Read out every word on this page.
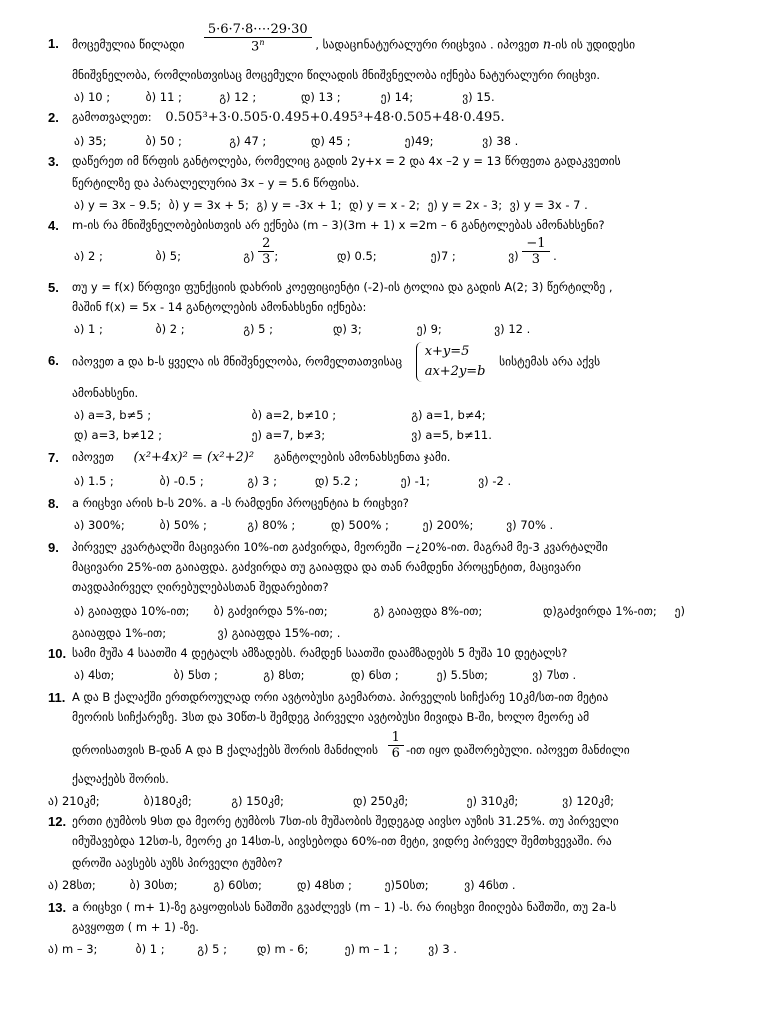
1. მოცემულია წილადი $\frac{5\cdot 6\cdot 7\cdot 8\cdot\cdots 29\cdot 30}{3^n}$ , სადაცnნატურალური რიცხვია . იპოვეთ n-ის ის უდიდესი
მნიშვნელობა, რომლისთვისაც მოცემული წილადის მნიშვნელობა იქნება ნატურალური რიცხვი.
ა) 10 ;	ბ) 11 ;	გ) 12 ;	დ) 13 ;	ე) 14;	ვ) 15.
2. გამოთვალეთ: 0.505³+3·0.505·0.495+0.495³+48·0.505+48·0.495.
ა) 35;	ბ) 50 ;	გ) 47 ;	დ) 45 ;	ე)49;	ვ) 38 .
3. დაწერეთ იმ წრფის განტოლება, რომელიც გადის 2y+x = 2 და 4x –2 y = 13 წრფეთა გადაკვეთის
წერტილზე და პარალელურია 3x – y = 5.6 წრფისა.
ა) y = 3x – 9.5; ბ) y = 3x + 5; გ) y = -3x + 1; დ) y = x - 2; ე) y = 2x - 3; ვ) y = 3x - 7 .
4. m-ის რა მნიშვნელობებისთვის არ ექნება (m – 3)(3m + 1) x =2m – 6 განტოლებას ამონახსენი?
ა) 2 ;	ბ) 5;	გ) $\frac{2}{3}$ ;	დ) 0.5;	ე)7 ;	ვ) $\frac{-1}{3}$ .
5. თუ y = f(x) წრფივი ფუნქციის დახრის კოეფიციენტი (-2)-ის ტოლია და გადის A(2; 3) წერტილზე ,
მაშინ f(x) = 5x - 14 განტოლების ამონახსენი იქნება:
ა) 1 ;	ბ) 2 ;	გ) 5 ;	დ) 3;	ე) 9;	ვ) 12 .
6. იპოვეთ a და b-ს ყველა ის მნიშვნელობა, რომელთათვისაც
x+y=5
ax+2y=b
სისტემას არა აქვს
ამონახსენი.
ა) a=3, b≠5 ;	ბ) a=2, b≠10 ;	გ) a=1, b≠4;
დ) a=3, b≠12 ;	ე) a=7, b≠3;	ვ) a=5, b≠11.
7. იპოვეთ (x²+4x)² = (x²+2)² განტოლების ამონახსენთა ჯამი.
ა) 1.5 ;	ბ) -0.5 ;	გ) 3 ;	დ) 5.2 ;	ე) -1;	ვ) -2 .
8. a რიცხვი არის b-ს 20%. a -ს რამდენი პროცენტია b რიცხვი?
ა) 300%;	ბ) 50% ;	გ) 80% ;	დ) 500% ;	ე) 200%;	ვ) 70% .
9. პირველ კვარტალში მაცივარი 10%-ით გაძვირდა, მეორეში −¿20%-ით. მაგრამ მე-3 კვარტალში
მაცივარი 25%-ით გაიაფდა. გაძვირდა თუ გაიაფდა და თან რამდენი პროცენტით, მაცივარი
თავდაპირველ ღირებულებასთან შედარებით?
ა) გაიაფდა 10%-ით; ბ) გაძვირდა 5%-ით;	გ) გაიაფდა 8%-ით;	დ)გაძვირდა 1%-ით; ე)
გაიაფდა 1%-ით;	ვ) გაიაფდა 15%-ით; .
10. სამი მუშა 4 საათში 4 დეტალს ამზადებს. რამდენ საათში დაამზადებს 5 მუშა 10 დეტალს?
ა) 4სთ;	ბ) 5სთ ;	გ) 8სთ;	დ) 6სთ ;	ე) 5.5სთ;	ვ) 7სთ .
11. A და B ქალაქში ერთდროულად ორი ავტობუსი გაემართა. პირველის სიჩქარე 10კმ/სთ-ით მეტია
მეორის სიჩქარეზე. 3სთ და 30წთ-ს შემდეგ პირველი ავტობუსი მივიდა B-ში, ხოლო მეორე ამ
დროისათვის B-დან A და B ქალაქებს შორის მანძილის $\frac{1}{6}$ -ით იყო დაშორებული. იპოვეთ მანძილი
ქალაქებს შორის.
ა) 210კმ;	ბ)180კმ;	გ) 150კმ;	დ) 250კმ;	ე) 310კმ;	ვ) 120კმ;
12. ერთი ტუმბოს 9სთ და მეორე ტუმბოს 7სთ-ის მუშაობის შედეგად აივსო აუზის 31.25%. თუ პირველი
იმუშავებდა 12სთ-ს, მეორე კი 14სთ-ს, აივსებოდა 60%-ით მეტი, ვიდრე პირველ შემთხვევაში. რა
დროში აავსებს აუზს პირველი ტუმბო?
ა) 28სთ;	ბ) 30სთ;	გ) 60სთ;	დ) 48სთ ;	ე)50სთ;	ვ) 46სთ .
13. a რიცხვი ( m+ 1)-ზე გაყოფისას ნაშთში გვაძლევს (m – 1) -ს. რა რიცხვი მიიღება ნაშთში, თუ 2a-ს
გავყოფთ ( m + 1) -ზე.
ა) m – 3;	ბ) 1 ;	გ) 5 ;	დ) m - 6;	ე) m – 1 ;	ვ) 3 .
